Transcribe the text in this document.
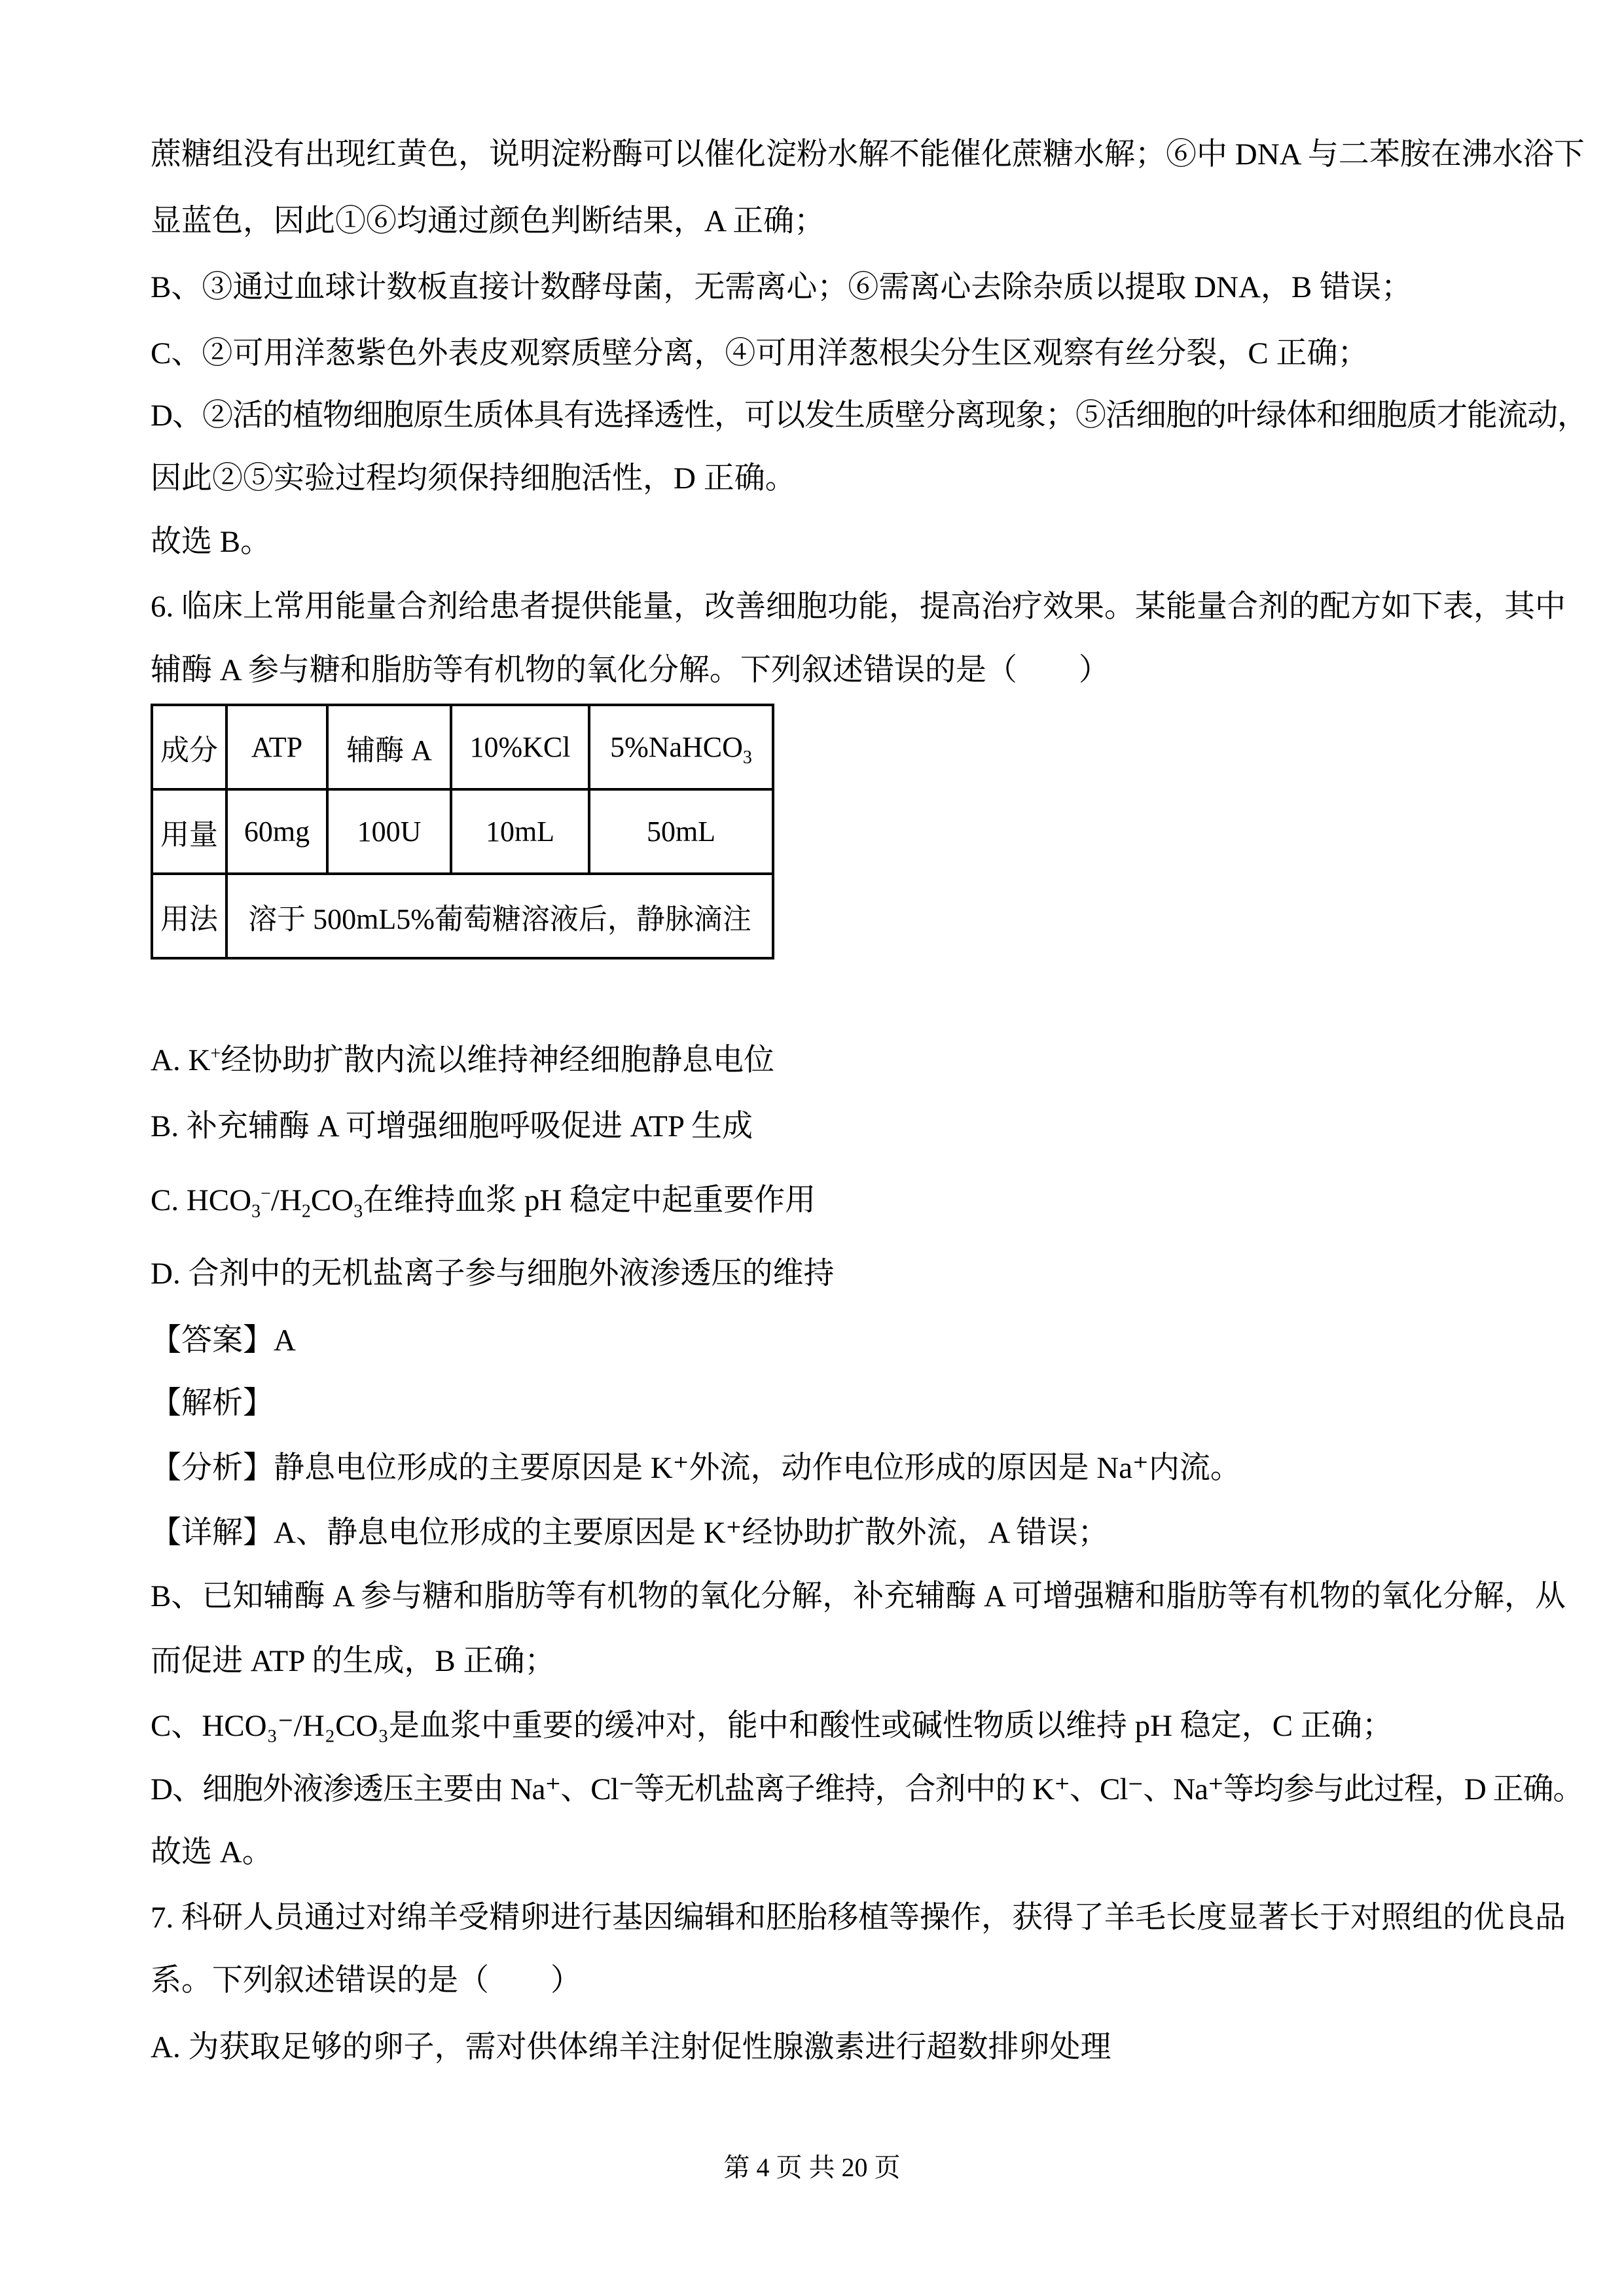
蔗糖组没有出现红黄色，说明淀粉酶可以催化淀粉水解不能催化蔗糖水解；⑥中 DNA 与二苯胺在沸水浴下
显蓝色，因此①⑥均通过颜色判断结果，A 正确；
B、③通过血球计数板直接计数酵母菌，无需离心；⑥需离心去除杂质以提取 DNA，B 错误；
C、②可用洋葱紫色外表皮观察质壁分离，④可用洋葱根尖分生区观察有丝分裂，C 正确；
D、②活的植物细胞原生质体具有选择透性，可以发生质壁分离现象；⑤活细胞的叶绿体和细胞质才能流动，
因此②⑤实验过程均须保持细胞活性，D 正确。
故选 B。
6. 临床上常用能量合剂给患者提供能量，改善细胞功能，提高治疗效果。某能量合剂的配方如下表，其中
辅酶 A 参与糖和脂肪等有机物的氧化分解。下列叙述错误的是（　　）
成分	ATP	辅酶 A	10%KCl	5%NaHCO$_3$
用量	60mg	100U	10mL	50mL
用法	溶于 500mL5%葡萄糖溶液后，静脉滴注			
A. K+经协助扩散内流以维持神经细胞静息电位
B. 补充辅酶 A 可增强细胞呼吸促进 ATP 生成
C. $HCO_3^-/H_2CO_3$在维持血浆 pH 稳定中起重要作用
D. 合剂中的无机盐离子参与细胞外液渗透压的维持
【答案】A
【解析】
【分析】静息电位形成的主要原因是 K⁺外流，动作电位形成的原因是 Na⁺内流。
【详解】A、静息电位形成的主要原因是 K⁺经协助扩散外流，A 错误；
B、已知辅酶 A 参与糖和脂肪等有机物的氧化分解，补充辅酶 A 可增强糖和脂肪等有机物的氧化分解，从
而促进 ATP 的生成，B 正确；
C、HCO₃⁻/H₂CO₃是血浆中重要的缓冲对，能中和酸性或碱性物质以维持 pH 稳定，C 正确；
D、细胞外液渗透压主要由 Na⁺、Cl⁻等无机盐离子维持，合剂中的 K⁺、Cl⁻、Na⁺等均参与此过程，D 正确。
故选 A。
7. 科研人员通过对绵羊受精卵进行基因编辑和胚胎移植等操作，获得了羊毛长度显著长于对照组的优良品
系。下列叙述错误的是（　　）
A. 为获取足够的卵子，需对供体绵羊注射促性腺激素进行超数排卵处理
第 4 页 共 20 页
